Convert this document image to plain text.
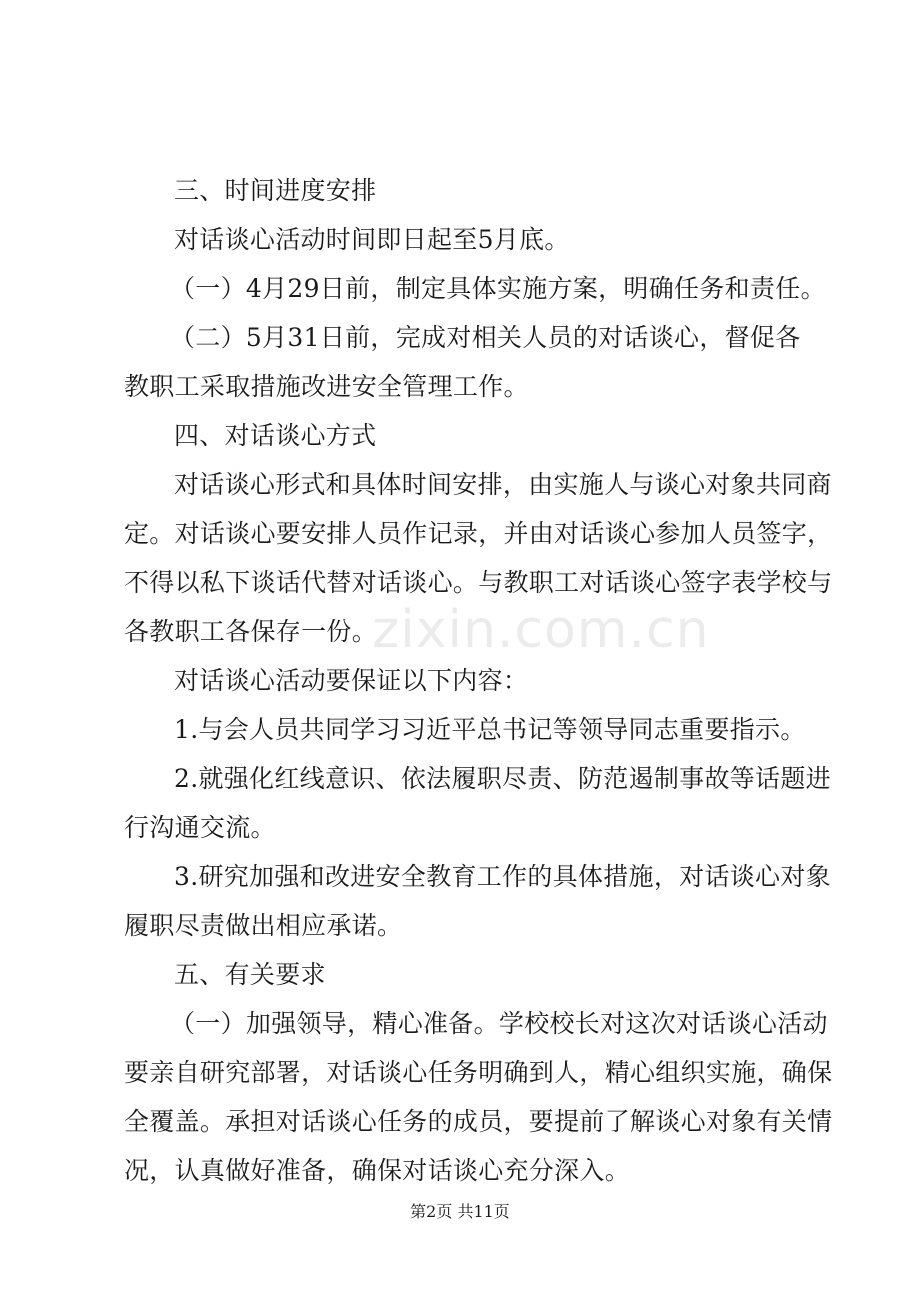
三、时间进度安排
对话谈心活动时间即日起至5月底。
（一）4月29日前，制定具体实施方案，明确任务和责任。
（二）5月31日前，完成对相关人员的对话谈心，督促各
教职工采取措施改进安全管理工作。
四、对话谈心方式
对话谈心形式和具体时间安排，由实施人与谈心对象共同商
定。对话谈心要安排人员作记录，并由对话谈心参加人员签字，
不得以私下谈话代替对话谈心。与教职工对话谈心签字表学校与
各教职工各保存一份。
对话谈心活动要保证以下内容：
1.与会人员共同学习习近平总书记等领导同志重要指示。
2.就强化红线意识、依法履职尽责、防范遏制事故等话题进
行沟通交流。
3.研究加强和改进安全教育工作的具体措施，对话谈心对象
履职尽责做出相应承诺。
五、有关要求
（一）加强领导，精心准备。学校校长对这次对话谈心活动
要亲自研究部署，对话谈心任务明确到人，精心组织实施，确保
全覆盖。承担对话谈心任务的成员，要提前了解谈心对象有关情
况，认真做好准备，确保对话谈心充分深入。
zixin.com.cn
第2页 共11页
